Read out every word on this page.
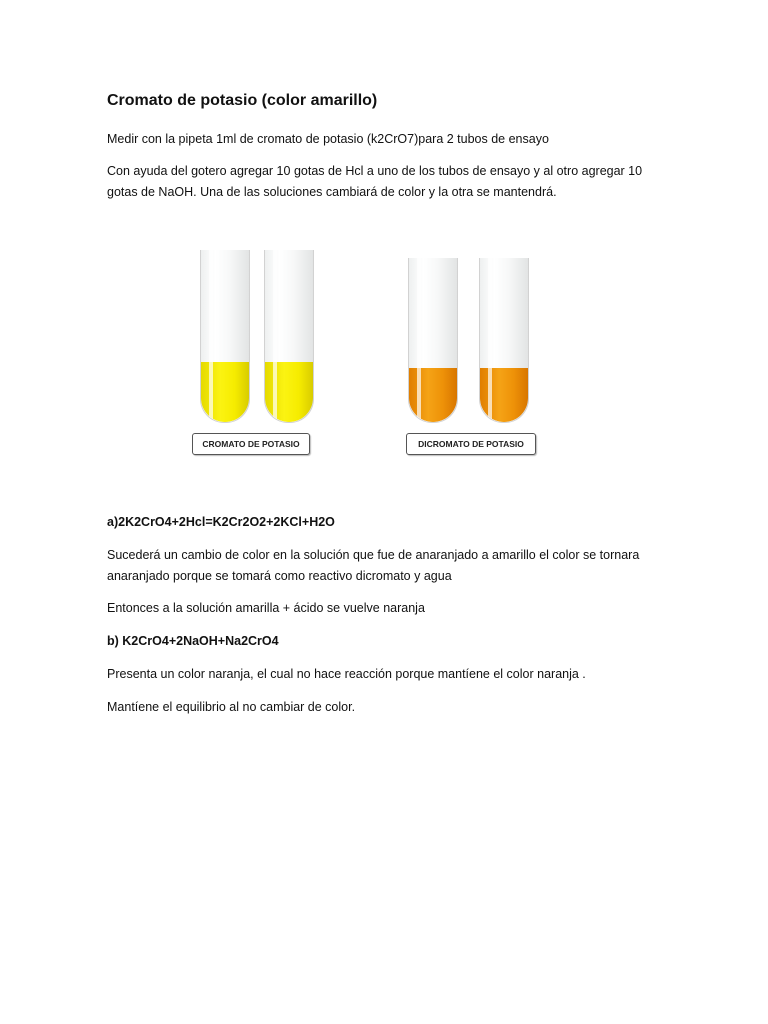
Cromato de potasio (color amarillo)

Medir con la pipeta 1ml de cromato de potasio (k2CrO7)para 2 tubos de ensayo

Con ayuda del gotero agregar 10 gotas de Hcl a uno de los tubos de ensayo y al otro agregar 10 gotas de NaOH. Una de las soluciones cambiará de color y la otra se mantendrá.

CROMATO DE POTASIO	DICROMATO DE POTASIO

a)2K2CrO4+2Hcl=K2Cr2O2+2KCl+H2O

Sucederá un cambio de color en la solución que fue de anaranjado a amarillo el color se tornara anaranjado porque se tomará como reactivo dicromato y agua

Entonces a la solución amarilla + ácido se vuelve naranja

b) K2CrO4+2NaOH+Na2CrO4

Presenta un color naranja, el cual no hace reacción porque mantíene el color naranja .

Mantíene el equilibrio al no cambiar de color.
